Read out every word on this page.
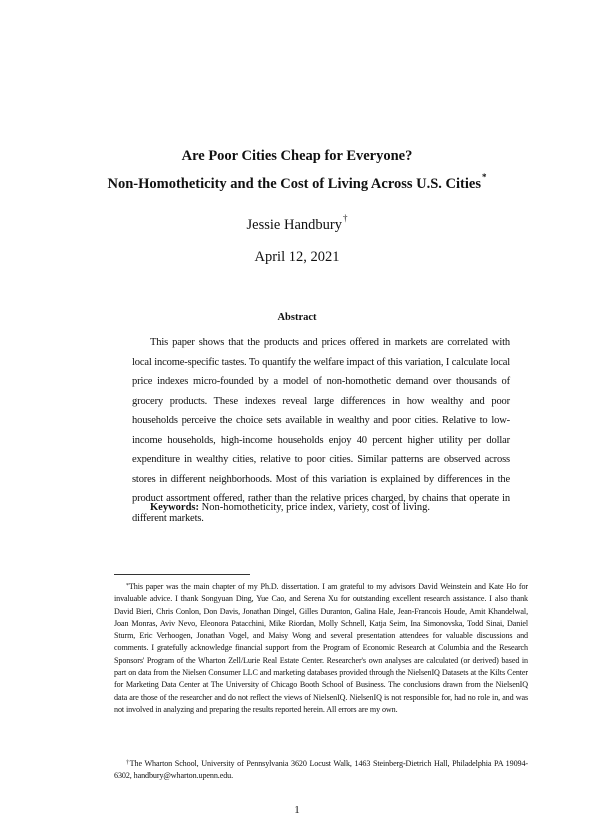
Are Poor Cities Cheap for Everyone?
Non-Homotheticity and the Cost of Living Across U.S. Cities*
Jessie Handbury†
April 12, 2021
Abstract

This paper shows that the products and prices offered in markets are correlated with local income-specific tastes. To quantify the welfare impact of this variation, I calculate local price indexes micro-founded by a model of non-homothetic demand over thousands of grocery products. These indexes reveal large differences in how wealthy and poor households perceive the choice sets available in wealthy and poor cities. Relative to low-income households, high-income households enjoy 40 percent higher utility per dollar expenditure in wealthy cities, relative to poor cities. Similar patterns are observed across stores in different neighborhoods. Most of this variation is explained by differences in the product assortment offered, rather than the relative prices charged, by chains that operate in different markets.

Keywords: Non-homotheticity, price index, variety, cost of living.

*This paper was the main chapter of my Ph.D. dissertation. I am grateful to my advisors David Weinstein and Kate Ho for invaluable advice. I thank Songyuan Ding, Yue Cao, and Serena Xu for outstanding excellent research assistance. I also thank David Bieri, Chris Conlon, Don Davis, Jonathan Dingel, Gilles Duranton, Galina Hale, Jean-Francois Houde, Amit Khandelwal, Joan Monras, Aviv Nevo, Eleonora Patacchini, Mike Riordan, Molly Schnell, Katja Seim, Ina Simonovska, Todd Sinai, Daniel Sturm, Eric Verhoogen, Jonathan Vogel, and Maisy Wong and several presentation attendees for valuable discussions and comments. I gratefully acknowledge financial support from the Program of Economic Research at Columbia and the Research Sponsors' Program of the Wharton Zell/Lurie Real Estate Center. Researcher's own analyses are calculated (or derived) based in part on data from the Nielsen Consumer LLC and marketing databases provided through the NielsenIQ Datasets at the Kilts Center for Marketing Data Center at The University of Chicago Booth School of Business. The conclusions drawn from the NielsenIQ data are those of the researcher and do not reflect the views of NielsenIQ. NielsenIQ is not responsible for, had no role in, and was not involved in analyzing and preparing the results reported herein. All errors are my own.

†The Wharton School, University of Pennsylvania 3620 Locust Walk, 1463 Steinberg-Dietrich Hall, Philadelphia PA 19094-6302, handbury@wharton.upenn.edu.

1
